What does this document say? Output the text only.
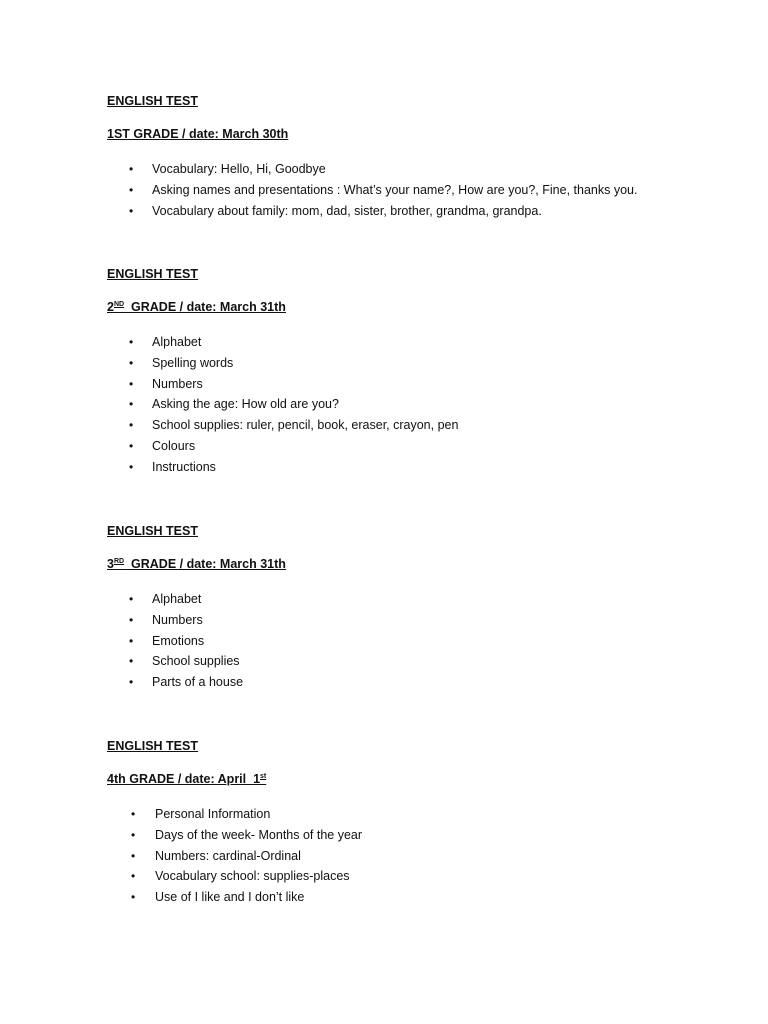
ENGLISH TEST
1ST GRADE / date: March 30th
• Vocabulary: Hello, Hi, Goodbye
• Asking names and presentations : What’s your name?, How are you?, Fine, thanks you.
• Vocabulary about family: mom, dad, sister, brother, grandma, grandpa.
ENGLISH TEST
2ND  GRADE / date: March 31th
• Alphabet
• Spelling words
• Numbers
• Asking the age: How old are you?
• School supplies: ruler, pencil, book, eraser, crayon, pen
• Colours
• Instructions
ENGLISH TEST
3RD  GRADE / date: March 31th
• Alphabet
• Numbers
• Emotions
• School supplies
• Parts of a house
ENGLISH TEST
4th GRADE / date: April  1st
• Personal Information
• Days of the week- Months of the year
• Numbers: cardinal-Ordinal
• Vocabulary school: supplies-places
• Use of I like and I don’t like
